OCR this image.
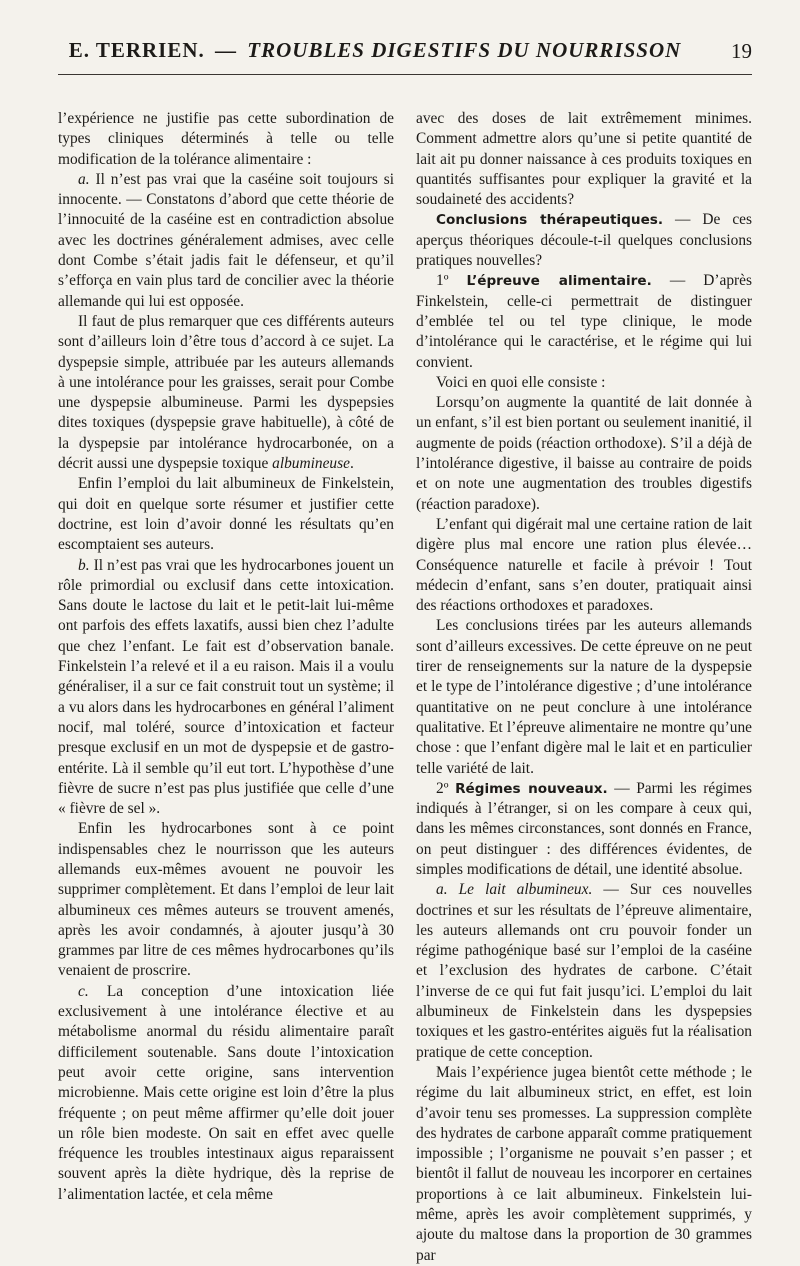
E. TERRIEN. — TROUBLES DIGESTIFS DU NOURRISSON	19

l’expérience ne justifie pas cette subordination de types cliniques déterminés à telle ou telle modification de la tolérance alimentaire :

a. Il n’est pas vrai que la caséine soit toujours si innocente. — Constatons d’abord que cette théorie de l’innocuité de la caséine est en contradiction absolue avec les doctrines généralement admises, avec celle dont Combe s’était jadis fait le défenseur, et qu’il s’efforça en vain plus tard de concilier avec la théorie allemande qui lui est opposée.

Il faut de plus remarquer que ces différents auteurs sont d’ailleurs loin d’être tous d’accord à ce sujet. La dyspepsie simple, attribuée par les auteurs allemands à une intolérance pour les graisses, serait pour Combe une dyspepsie albumineuse. Parmi les dyspepsies dites toxiques (dyspepsie grave habituelle), à côté de la dyspepsie par intolérance hydrocarbonée, on a décrit aussi une dyspepsie toxique albumineuse.

Enfin l’emploi du lait albumineux de Finkelstein, qui doit en quelque sorte résumer et justifier cette doctrine, est loin d’avoir donné les résultats qu’en escomptaient ses auteurs.

b. Il n’est pas vrai que les hydrocarbones jouent un rôle primordial ou exclusif dans cette intoxication. Sans doute le lactose du lait et le petit-lait lui-même ont parfois des effets laxatifs, aussi bien chez l’adulte que chez l’enfant. Le fait est d’observation banale. Finkelstein l’a relevé et il a eu raison. Mais il a voulu généraliser, il a sur ce fait construit tout un système; il a vu alors dans les hydrocarbones en général l’aliment nocif, mal toléré, source d’intoxication et facteur presque exclusif en un mot de dyspepsie et de gastro-entérite. Là il semble qu’il eut tort. L’hypothèse d’une fièvre de sucre n’est pas plus justifiée que celle d’une « fièvre de sel ».

Enfin les hydrocarbones sont à ce point indispensables chez le nourrisson que les auteurs allemands eux-mêmes avouent ne pouvoir les supprimer complètement. Et dans l’emploi de leur lait albumineux ces mêmes auteurs se trouvent amenés, après les avoir condamnés, à ajouter jusqu’à 30 grammes par litre de ces mêmes hydrocarbones qu’ils venaient de proscrire.

c. La conception d’une intoxication liée exclusivement à une intolérance élective et au métabolisme anormal du résidu alimentaire paraît difficilement soutenable. Sans doute l’intoxication peut avoir cette origine, sans intervention microbienne. Mais cette origine est loin d’être la plus fréquente ; on peut même affirmer qu’elle doit jouer un rôle bien modeste. On sait en effet avec quelle fréquence les troubles intestinaux aigus reparaissent souvent après la diète hydrique, dès la reprise de l’alimentation lactée, et cela même

avec des doses de lait extrêmement minimes. Comment admettre alors qu’une si petite quantité de lait ait pu donner naissance à ces produits toxiques en quantités suffisantes pour expliquer la gravité et la soudaineté des accidents?

Conclusions thérapeutiques. — De ces aperçus théoriques découle-t-il quelques conclusions pratiques nouvelles?

1º L’épreuve alimentaire. — D’après Finkelstein, celle-ci permettrait de distinguer d’emblée tel ou tel type clinique, le mode d’intolérance qui le caractérise, et le régime qui lui convient.

Voici en quoi elle consiste :

Lorsqu’on augmente la quantité de lait donnée à un enfant, s’il est bien portant ou seulement inanitié, il augmente de poids (réaction orthodoxe). S’il a déjà de l’intolérance digestive, il baisse au contraire de poids et on note une augmentation des troubles digestifs (réaction paradoxe).

L’enfant qui digérait mal une certaine ration de lait digère plus mal encore une ration plus élevée… Conséquence naturelle et facile à prévoir ! Tout médecin d’enfant, sans s’en douter, pratiquait ainsi des réactions orthodoxes et paradoxes.

Les conclusions tirées par les auteurs allemands sont d’ailleurs excessives. De cette épreuve on ne peut tirer de renseignements sur la nature de la dyspepsie et le type de l’intolérance digestive ; d’une intolérance quantitative on ne peut conclure à une intolérance qualitative. Et l’épreuve alimentaire ne montre qu’une chose : que l’enfant digère mal le lait et en particulier telle variété de lait.

2º Régimes nouveaux. — Parmi les régimes indiqués à l’étranger, si on les compare à ceux qui, dans les mêmes circonstances, sont donnés en France, on peut distinguer : des différences évidentes, de simples modifications de détail, une identité absolue.

a. Le lait albumineux. — Sur ces nouvelles doctrines et sur les résultats de l’épreuve alimentaire, les auteurs allemands ont cru pouvoir fonder un régime pathogénique basé sur l’emploi de la caséine et l’exclusion des hydrates de carbone. C’était l’inverse de ce qui fut fait jusqu’ici. L’emploi du lait albumineux de Finkelstein dans les dyspepsies toxiques et les gastro-entérites aiguës fut la réalisation pratique de cette conception.

Mais l’expérience jugea bientôt cette méthode ; le régime du lait albumineux strict, en effet, est loin d’avoir tenu ses promesses. La suppression complète des hydrates de carbone apparaît comme pratiquement impossible ; l’organisme ne pouvait s’en passer ; et bientôt il fallut de nouveau les incorporer en certaines proportions à ce lait albumineux. Finkelstein lui-même, après les avoir complètement supprimés, y ajoute du maltose dans la proportion de 30 grammes par
